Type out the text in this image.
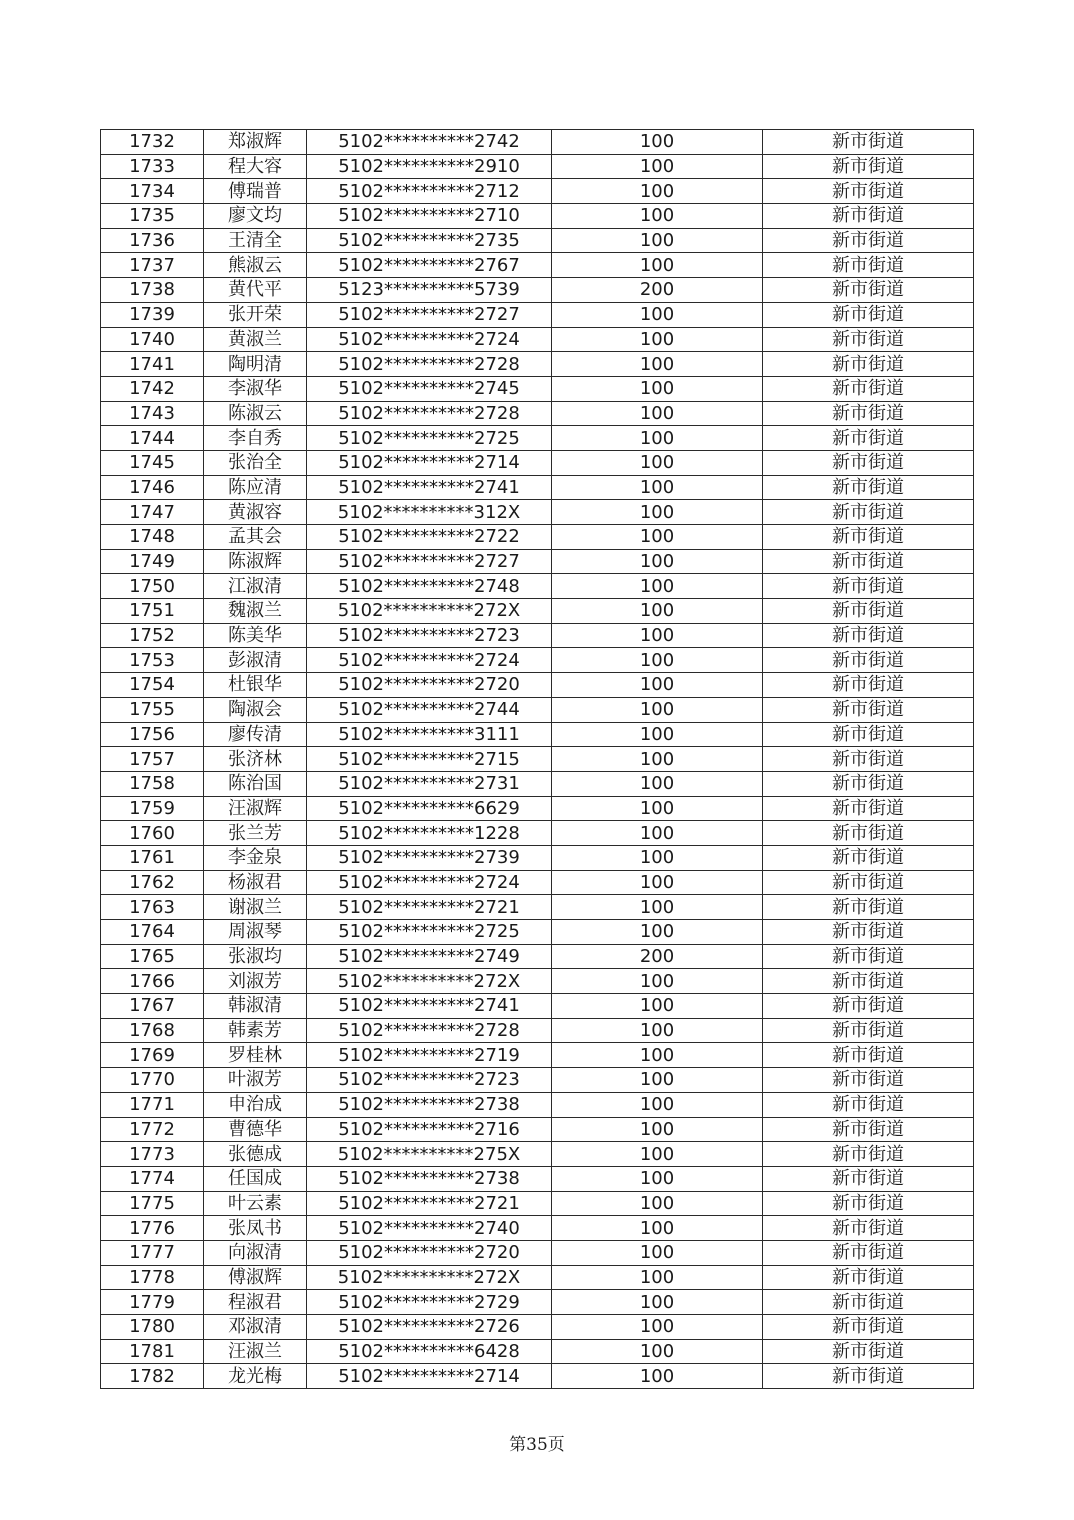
1732	郑淑辉	5102**********2742	100	新市街道
1733	程大容	5102**********2910	100	新市街道
1734	傅瑞普	5102**********2712	100	新市街道
1735	廖文均	5102**********2710	100	新市街道
1736	王清全	5102**********2735	100	新市街道
1737	熊淑云	5102**********2767	100	新市街道
1738	黄代平	5123**********5739	200	新市街道
1739	张开荣	5102**********2727	100	新市街道
1740	黄淑兰	5102**********2724	100	新市街道
1741	陶明清	5102**********2728	100	新市街道
1742	李淑华	5102**********2745	100	新市街道
1743	陈淑云	5102**********2728	100	新市街道
1744	李自秀	5102**********2725	100	新市街道
1745	张治全	5102**********2714	100	新市街道
1746	陈应清	5102**********2741	100	新市街道
1747	黄淑容	5102**********312X	100	新市街道
1748	孟其会	5102**********2722	100	新市街道
1749	陈淑辉	5102**********2727	100	新市街道
1750	江淑清	5102**********2748	100	新市街道
1751	魏淑兰	5102**********272X	100	新市街道
1752	陈美华	5102**********2723	100	新市街道
1753	彭淑清	5102**********2724	100	新市街道
1754	杜银华	5102**********2720	100	新市街道
1755	陶淑会	5102**********2744	100	新市街道
1756	廖传清	5102**********3111	100	新市街道
1757	张济林	5102**********2715	100	新市街道
1758	陈治国	5102**********2731	100	新市街道
1759	汪淑辉	5102**********6629	100	新市街道
1760	张兰芳	5102**********1228	100	新市街道
1761	李金泉	5102**********2739	100	新市街道
1762	杨淑君	5102**********2724	100	新市街道
1763	谢淑兰	5102**********2721	100	新市街道
1764	周淑琴	5102**********2725	100	新市街道
1765	张淑均	5102**********2749	200	新市街道
1766	刘淑芳	5102**********272X	100	新市街道
1767	韩淑清	5102**********2741	100	新市街道
1768	韩素芳	5102**********2728	100	新市街道
1769	罗桂林	5102**********2719	100	新市街道
1770	叶淑芳	5102**********2723	100	新市街道
1771	申治成	5102**********2738	100	新市街道
1772	曹德华	5102**********2716	100	新市街道
1773	张德成	5102**********275X	100	新市街道
1774	任国成	5102**********2738	100	新市街道
1775	叶云素	5102**********2721	100	新市街道
1776	张凤书	5102**********2740	100	新市街道
1777	向淑清	5102**********2720	100	新市街道
1778	傅淑辉	5102**********272X	100	新市街道
1779	程淑君	5102**********2729	100	新市街道
1780	邓淑清	5102**********2726	100	新市街道
1781	汪淑兰	5102**********6428	100	新市街道
1782	龙光梅	5102**********2714	100	新市街道
第35页
